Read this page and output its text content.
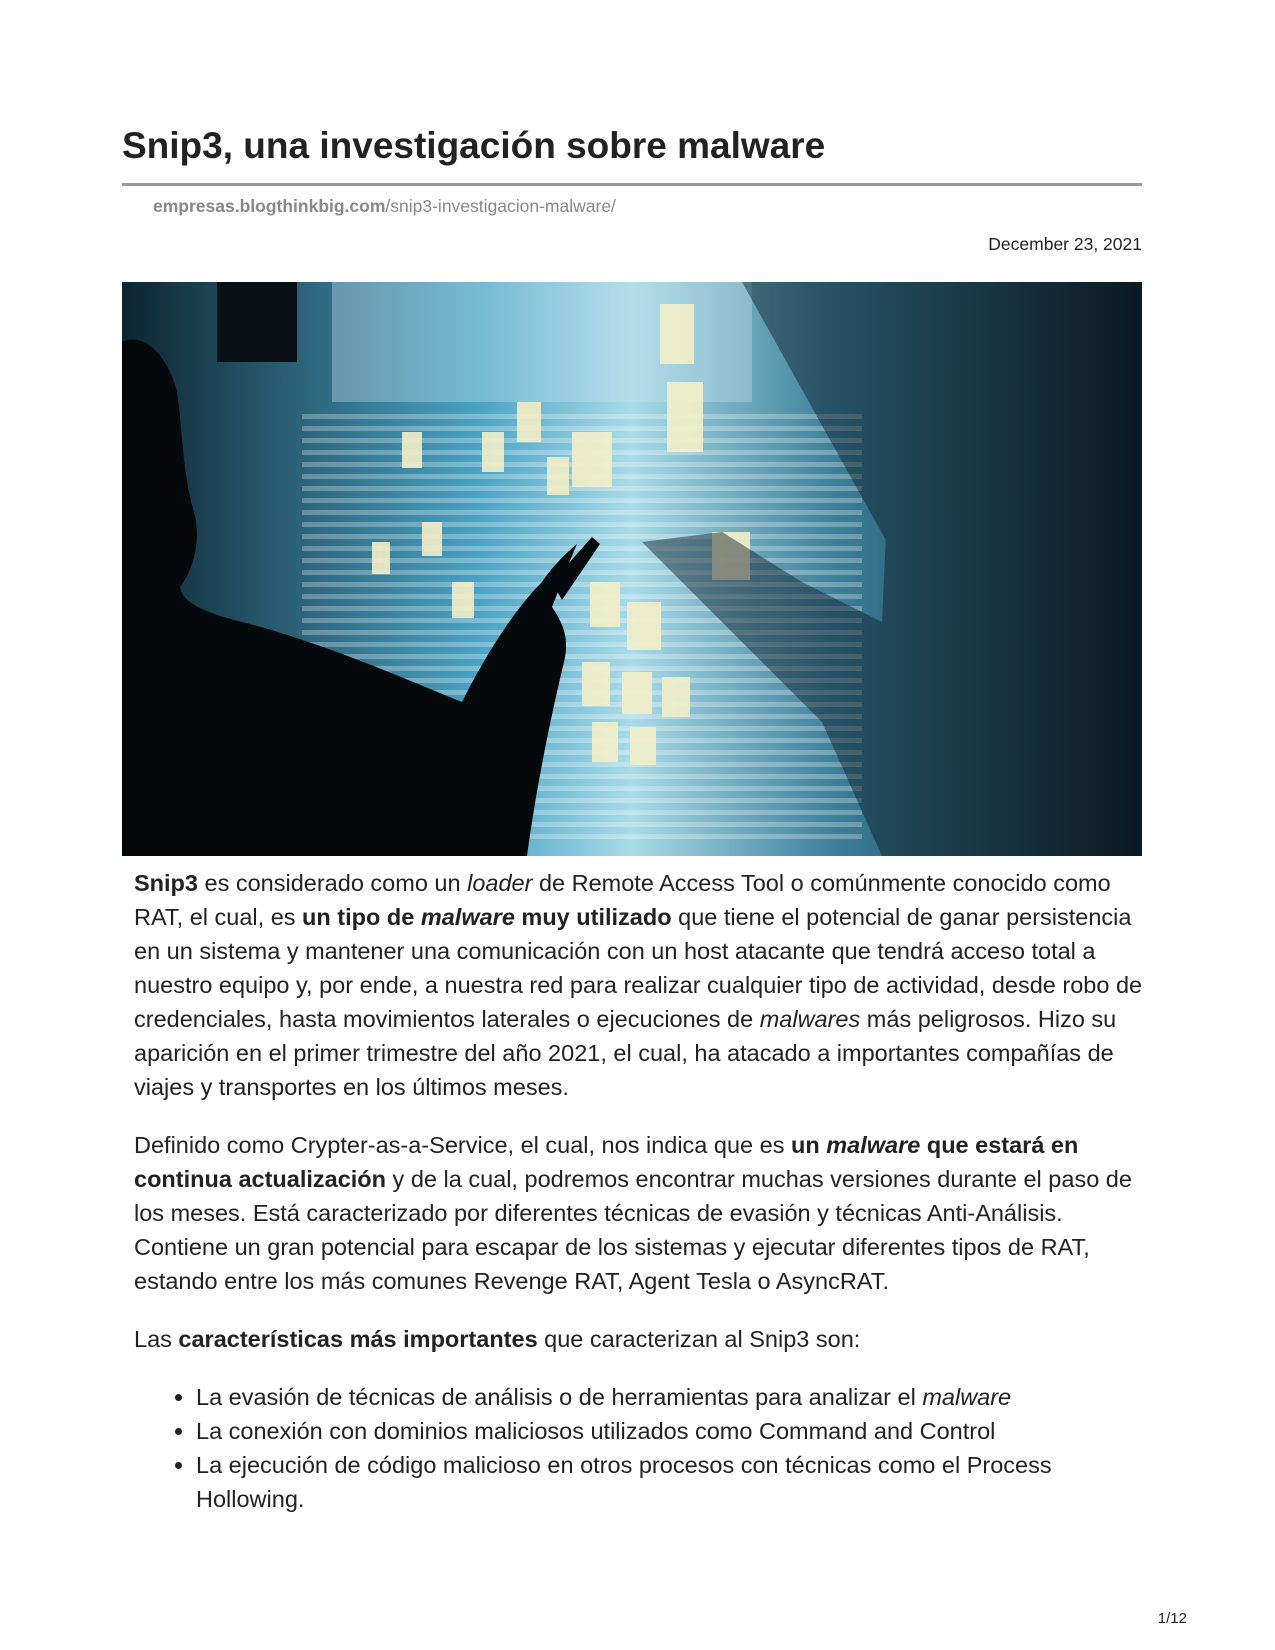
Snip3, una investigación sobre malware
empresas.blogthinkbig.com/snip3-investigacion-malware/
December 23, 2021

Snip3 es considerado como un loader de Remote Access Tool o comúnmente conocido como RAT, el cual, es un tipo de malware muy utilizado que tiene el potencial de ganar persistencia en un sistema y mantener una comunicación con un host atacante que tendrá acceso total a nuestro equipo y, por ende, a nuestra red para realizar cualquier tipo de actividad, desde robo de credenciales, hasta movimientos laterales o ejecuciones de malwares más peligrosos. Hizo su aparición en el primer trimestre del año 2021, el cual, ha atacado a importantes compañías de viajes y transportes en los últimos meses.

Definido como Crypter-as-a-Service, el cual, nos indica que es un malware que estará en continua actualización y de la cual, podremos encontrar muchas versiones durante el paso de los meses. Está caracterizado por diferentes técnicas de evasión y técnicas Anti-Análisis. Contiene un gran potencial para escapar de los sistemas y ejecutar diferentes tipos de RAT, estando entre los más comunes Revenge RAT, Agent Tesla o AsyncRAT.

Las características más importantes que caracterizan al Snip3 son:

• La evasión de técnicas de análisis o de herramientas para analizar el malware
• La conexión con dominios maliciosos utilizados como Command and Control
• La ejecución de código malicioso en otros procesos con técnicas como el Process Hollowing.
1/12
